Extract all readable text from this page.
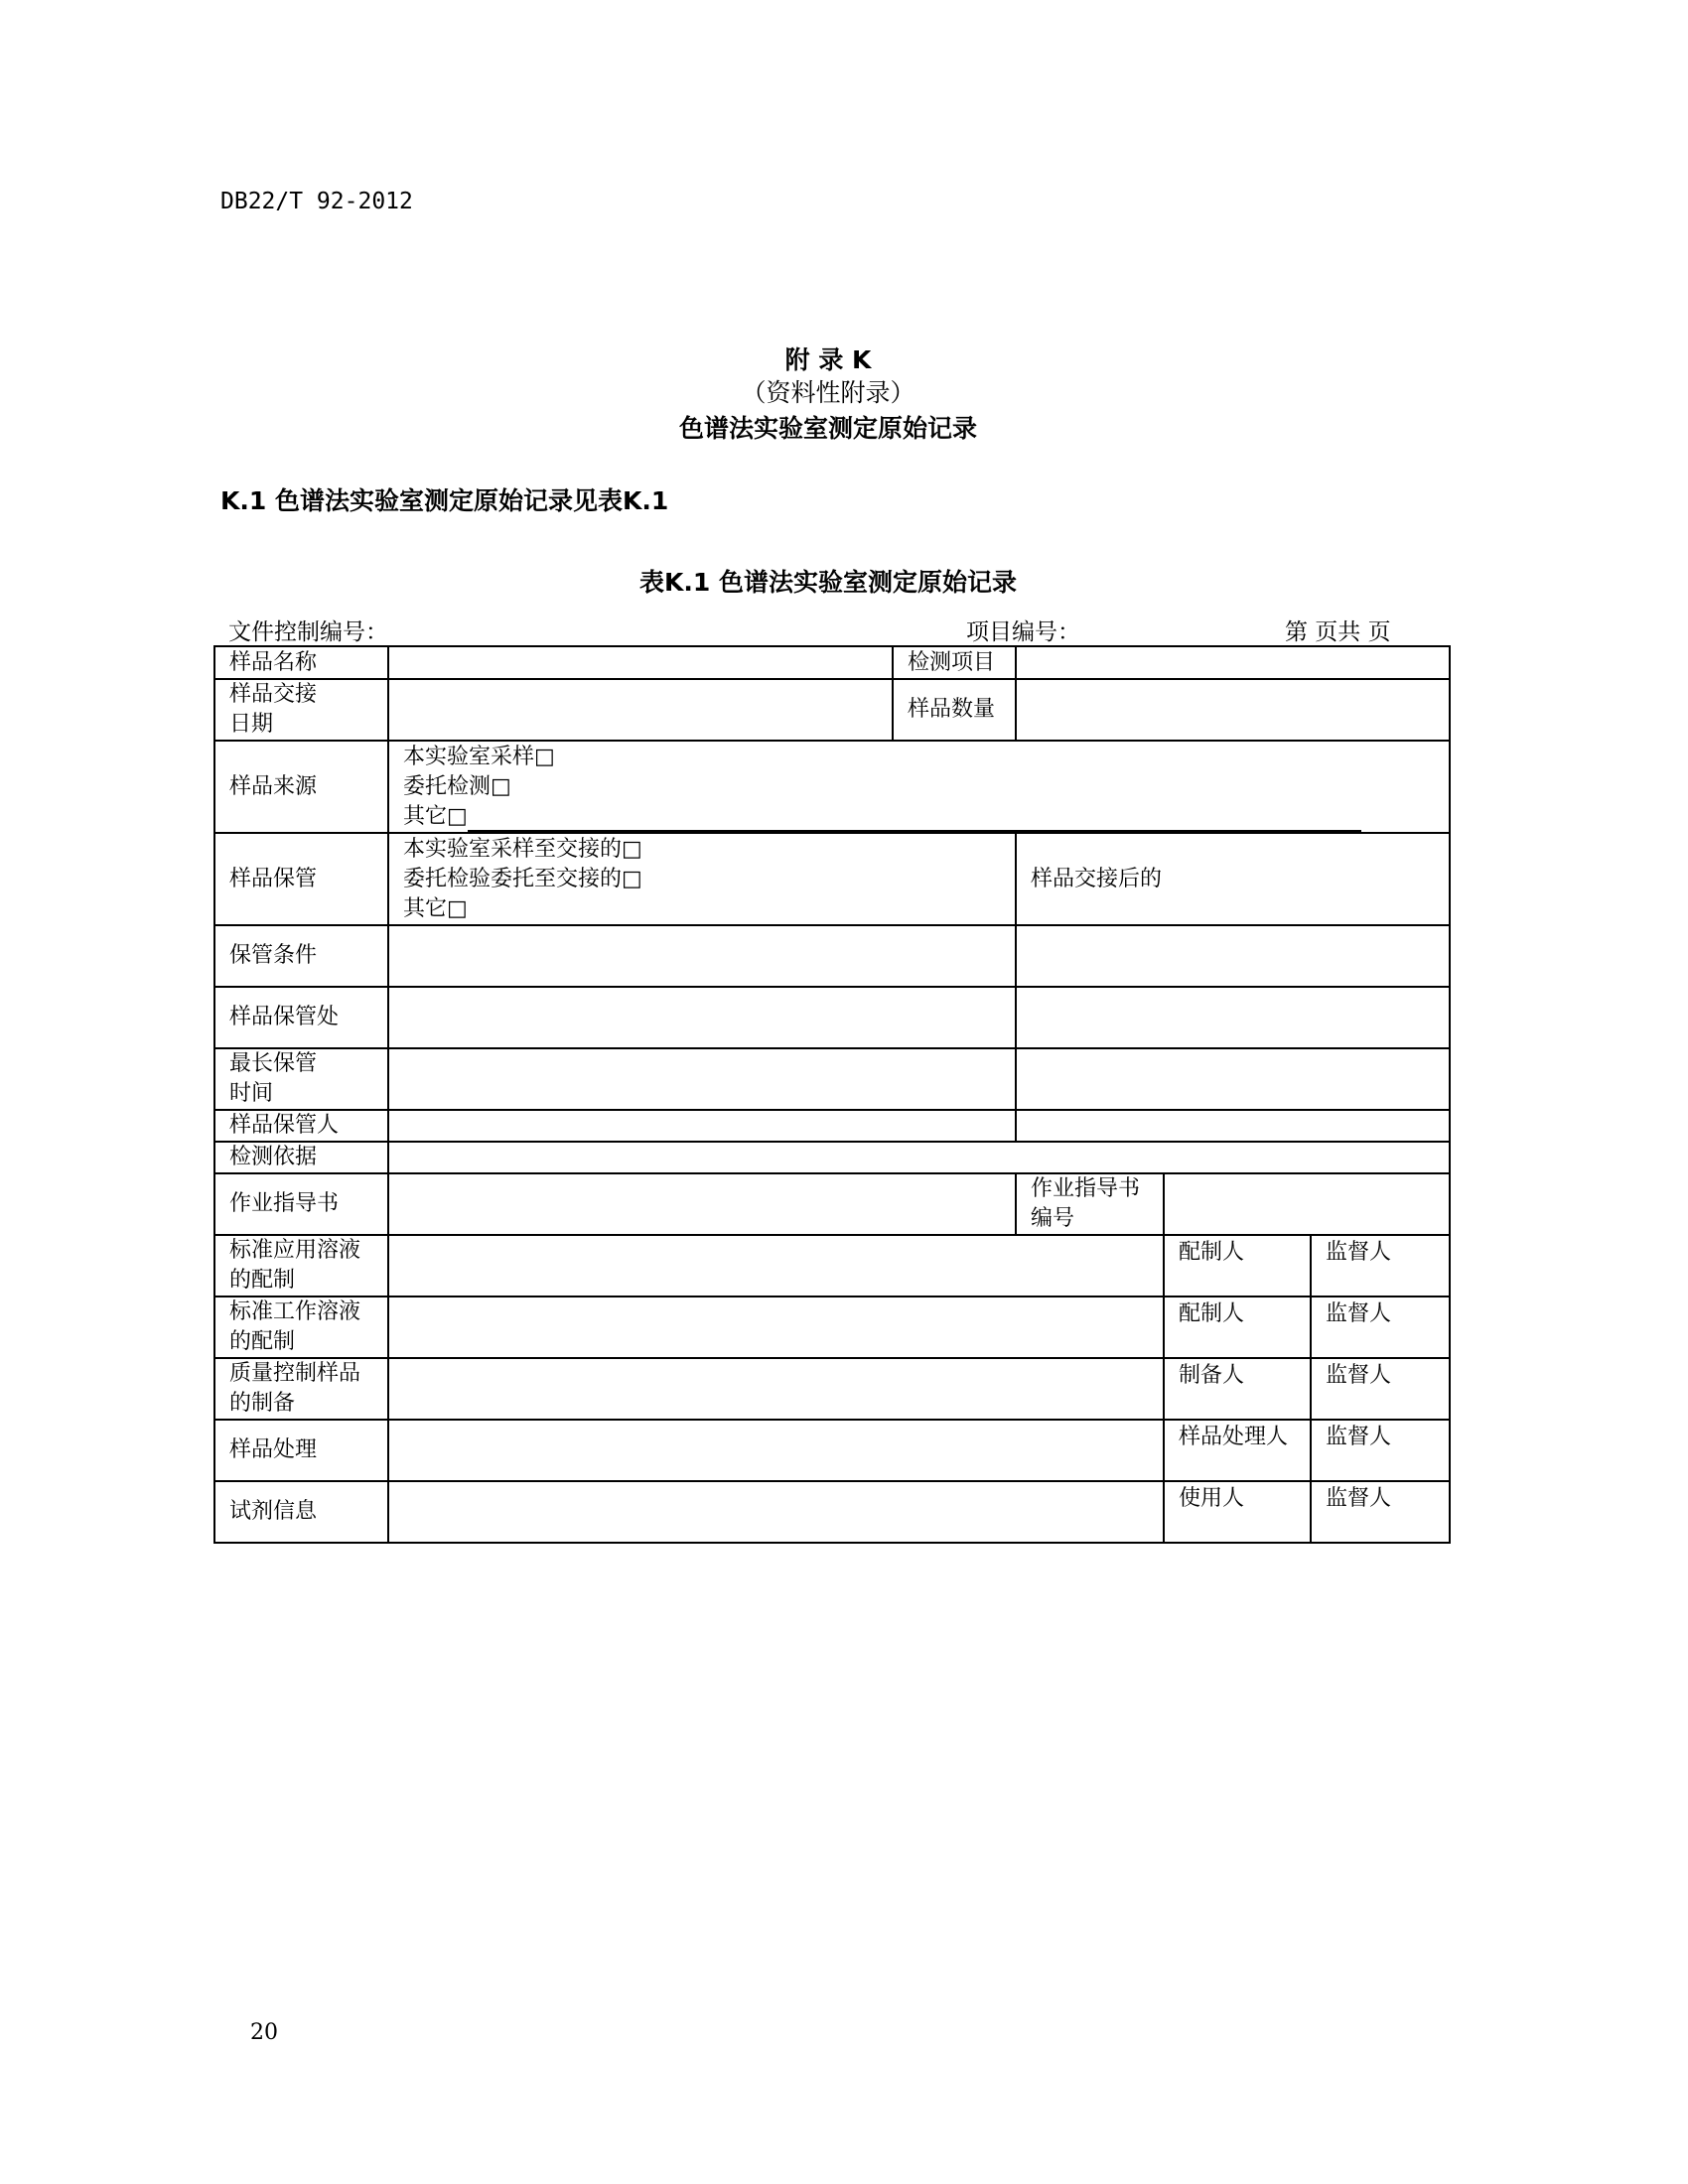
DB22/T 92-2012
附 录 K
（资料性附录）
色谱法实验室测定原始记录
K.1 色谱法实验室测定原始记录见表K.1
表K.1 色谱法实验室测定原始记录
文件控制编号：	项目编号：	第 页共 页
样品名称		检测项目			
样品交接
日期		样品数量			
样品来源	本实验室采样□
委托检测□
其它□				

样品保管	本实验室采样至交接的□
委托检验委托至交接的□
其它□		样品交接后的		
保管条件					
样品保管处					
最长保管
时间					
样品保管人					
检测依据					
作业指导书			作业指导书
编号		
标准应用溶液
的配制				配制人	监督人
标准工作溶液
的配制				配制人	监督人
质量控制样品
的制备				制备人	监督人
样品处理				样品处理人	监督人
试剂信息				使用人	监督人
20
